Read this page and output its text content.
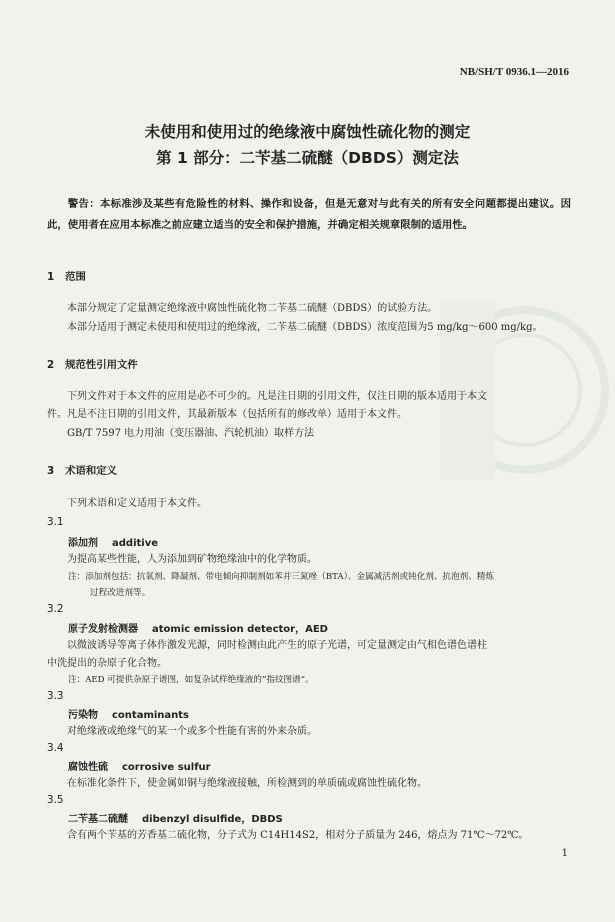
NB/SH/T 0936.1—2016
未使用和使用过的绝缘液中腐蚀性硫化物的测定
第 1 部分：二苄基二硫醚（DBDS）测定法
警告：本标准涉及某些有危险性的材料、操作和设备，但是无意对与此有关的所有安全问题都提出建议。因此，使用者在应用本标准之前应建立适当的安全和保护措施，并确定相关规章限制的适用性。
1 范围
本部分规定了定量测定绝缘液中腐蚀性硫化物二苄基二硫醚（DBDS）的试验方法。
本部分适用于测定未使用和使用过的绝缘液，二苄基二硫醚（DBDS）浓度范围为5 mg/kg～600 mg/kg。
2 规范性引用文件
下列文件对于本文件的应用是必不可少的。凡是注日期的引用文件，仅注日期的版本适用于本文
件。凡是不注日期的引用文件，其最新版本（包括所有的修改单）适用于本文件。
GB/T 7597 电力用油（变压器油、汽轮机油）取样方法
3 术语和定义
下列术语和定义适用于本文件。
3.1
添加剂 additive
为提高某些性能，人为添加到矿物绝缘油中的化学物质。
注：添加剂包括：抗氧剂、降凝剂、带电倾向抑制剂如苯并三氮唑（BTA）、金属减活剂或钝化剂、抗泡剂、精炼
过程改进剂等。
3.2
原子发射检测器 atomic emission detector，AED
以微波诱导等离子体作激发光源，同时检测由此产生的原子光谱，可定量测定由气相色谱色谱柱
中洗提出的杂原子化合物。
注：AED 可提供杂原子谱图，如复杂试样绝缘液的“指纹图谱”。
3.3
污染物 contaminants
对绝缘液或绝缘气的某一个或多个性能有害的外来杂质。
3.4
腐蚀性硫 corrosive sulfur
在标准化条件下，使金属如铜与绝缘液接触，所检测到的单质硫或腐蚀性硫化物。
3.5
二苄基二硫醚 dibenzyl disulfide，DBDS
含有两个苄基的芳香基二硫化物，分子式为 C14H14S2，相对分子质量为 246，熔点为 71℃～72℃。
1
